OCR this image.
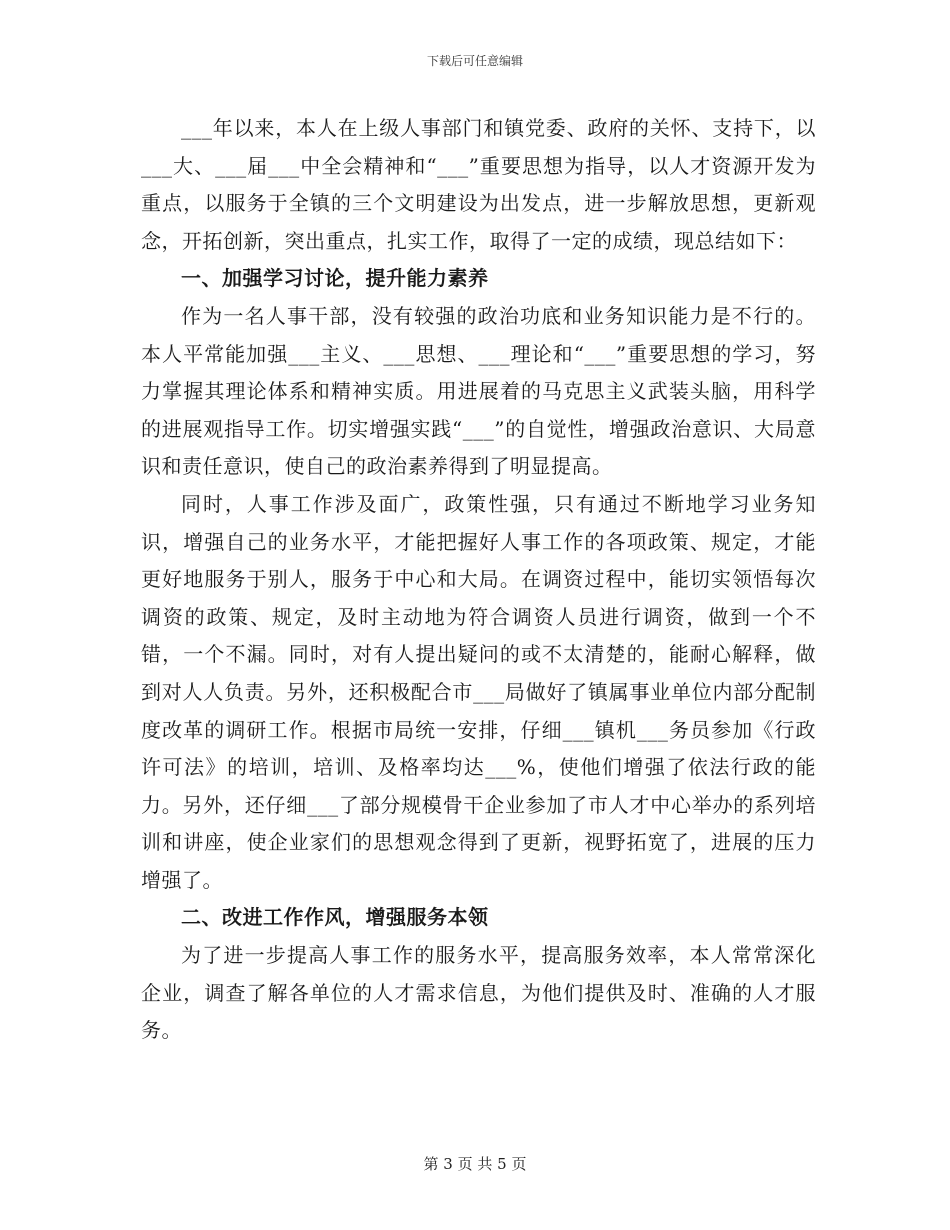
下载后可任意编辑

___年以来，本人在上级人事部门和镇党委、政府的关怀、支持下，以___大、___届___中全会精神和“___”重要思想为指导，以人才资源开发为重点，以服务于全镇的三个文明建设为出发点，进一步解放思想，更新观念，开拓创新，突出重点，扎实工作，取得了一定的成绩，现总结如下：

一、加强学习讨论，提升能力素养

作为一名人事干部，没有较强的政治功底和业务知识能力是不行的。本人平常能加强___主义、___思想、___理论和“___”重要思想的学习，努力掌握其理论体系和精神实质。用进展着的马克思主义武装头脑，用科学的进展观指导工作。切实增强实践“___”的自觉性，增强政治意识、大局意识和责任意识，使自己的政治素养得到了明显提高。

同时，人事工作涉及面广，政策性强，只有通过不断地学习业务知识，增强自己的业务水平，才能把握好人事工作的各项政策、规定，才能更好地服务于别人，服务于中心和大局。在调资过程中，能切实领悟每次调资的政策、规定，及时主动地为符合调资人员进行调资，做到一个不错，一个不漏。同时，对有人提出疑问的或不太清楚的，能耐心解释，做到对人人负责。另外，还积极配合市___局做好了镇属事业单位内部分配制度改革的调研工作。根据市局统一安排，仔细___镇机___务员参加《行政许可法》的培训，培训、及格率均达___%，使他们增强了依法行政的能力。另外，还仔细___了部分规模骨干企业参加了市人才中心举办的系列培训和讲座，使企业家们的思想观念得到了更新，视野拓宽了，进展的压力增强了。

二、改进工作作风，增强服务本领

为了进一步提高人事工作的服务水平，提高服务效率，本人常常深化企业，调查了解各单位的人才需求信息，为他们提供及时、准确的人才服务。

第 3 页 共 5 页
